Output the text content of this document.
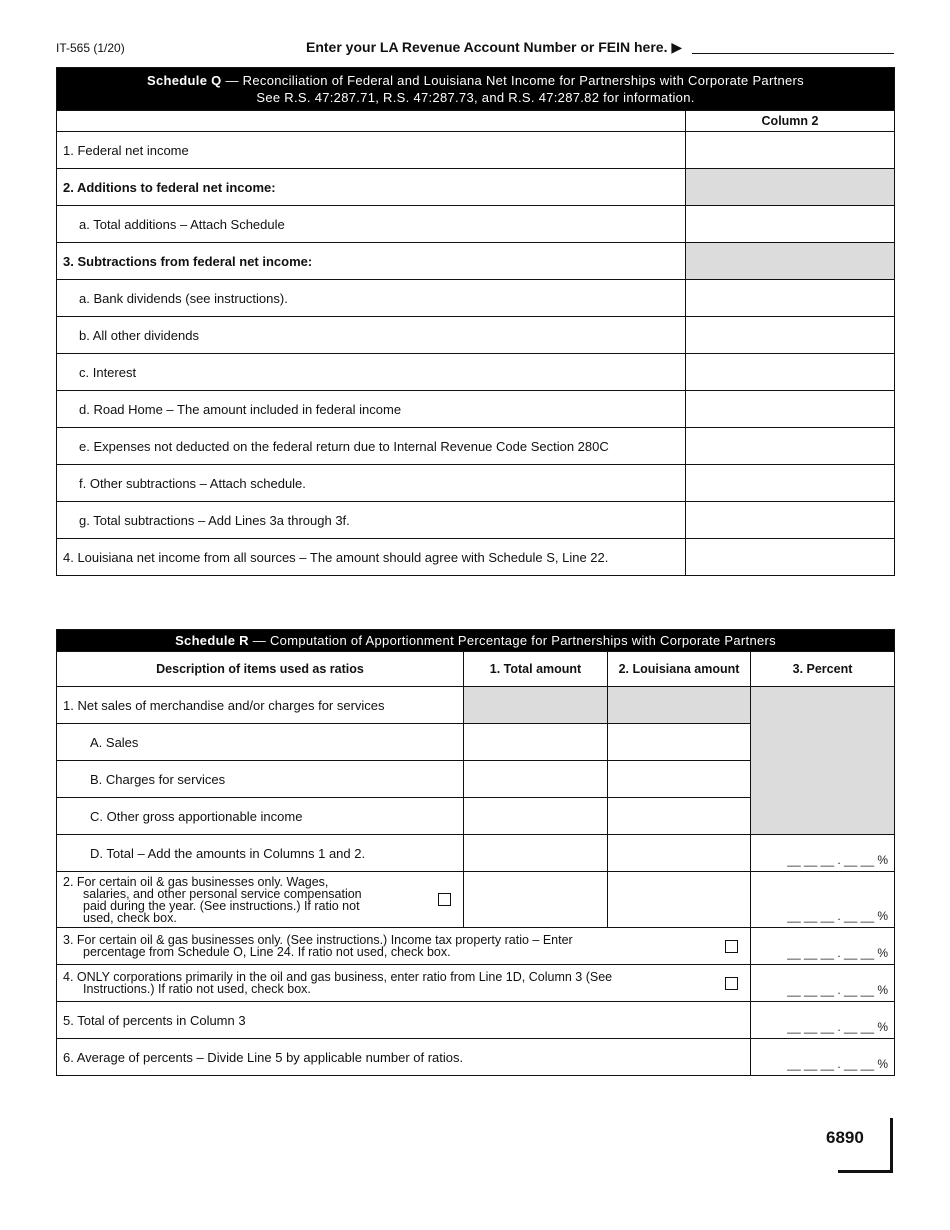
IT-565 (1/20)	Enter your LA Revenue Account Number or FEIN here. ▶
Schedule Q — Reconciliation of Federal and Louisiana Net Income for Partnerships with Corporate Partners
See R.S. 47:287.71, R.S. 47:287.73, and R.S. 47:287.82 for information.	
	Column 2
1. Federal net income	
2. Additions to federal net income:	
a. Total additions – Attach Schedule	
3. Subtractions from federal net income:	
a. Bank dividends (see instructions).	
b. All other dividends	
c. Interest	
d. Road Home – The amount included in federal income	
e. Expenses not deducted on the federal return due to Internal Revenue Code Section 280C	
f. Other subtractions – Attach schedule.	
g. Total subtractions – Add Lines 3a through 3f.	
4. Louisiana net income from all sources – The amount should agree with Schedule S, Line 22.	
Schedule R — Computation of Apportionment Percentage for Partnerships with Corporate Partners			
Description of items used as ratios	1. Total amount	2. Louisiana amount	3. Percent
1. Net sales of merchandise and/or charges for services			
A. Sales			
B. Charges for services			
C. Other gross apportionable income			
D. Total – Add the amounts in Columns 1 and 2.			__ __ __ . __ __ %

2. For certain oil & gas businesses only. Wages,
salaries, and other personal service compensation
paid during the year. (See instructions.) If ratio not
used, check box.			__ __ __ . __ __ %

3. For certain oil & gas businesses only. (See instructions.) Income tax property ratio – Enter
percentage from Schedule O, Line 24. If ratio not used, check box.			__ __ __ . __ __ %

4. ONLY corporations primarily in the oil and gas business, enter ratio from Line 1D, Column 3 (See
Instructions.) If ratio not used, check box.			__ __ __ . __ __ %
5. Total of percents in Column 3			__ __ __ . __ __ %
6. Average of percents – Divide Line 5 by applicable number of ratios.			__ __ __ . __ __ %
6890
